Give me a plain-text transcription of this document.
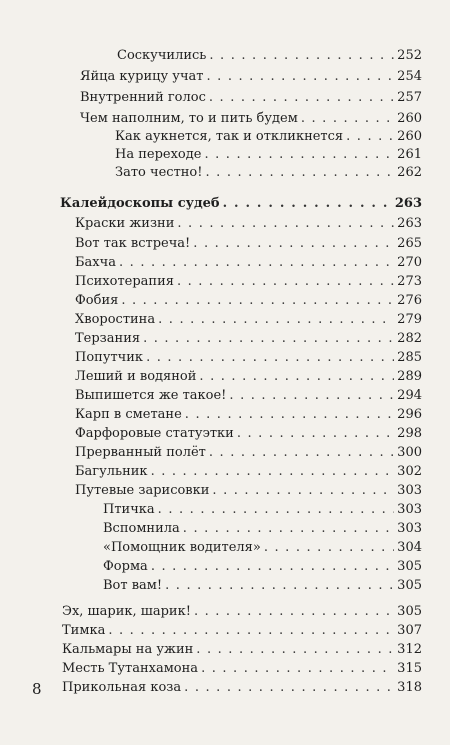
Соскучились . . .	252
Яйца курицу учат . . .	254
Внутренний голос . . .	257
Чем наполним, то и пить будем . . .	260
Как аукнется, так и откликнется . . .	260
На переходе . . .	261
Зато честно! . . .	262
Калейдоскопы судеб . . .	263
Краски жизни . . .	263
Вот так встреча! . . .	265
Бахча . . .	270
Психотерапия . . .	273
Фобия . . .	276
Хворостина . . .	279
Терзания . . .	282
Попутчик . . .	285
Леший и водяной . . .	289
Выпишется же такое! . . .	294
Карп в сметане . . .	296
Фарфоровые статуэтки . . .	298
Прерванный полёт . . .	300
Багульник . . .	302
Путевые зарисовки . . .	303
Птичка . . .	303
Вспомнила . . .	303
«Помощник водителя» . . .	304
Форма . . .	305
Вот вам! . . .	305
Эх, шарик, шарик! . . .	305
Тимка . . .	307
Кальмары на ужин . . .	312
Месть Тутанхамона . . .	315
Прикольная коза . . .	318
8
